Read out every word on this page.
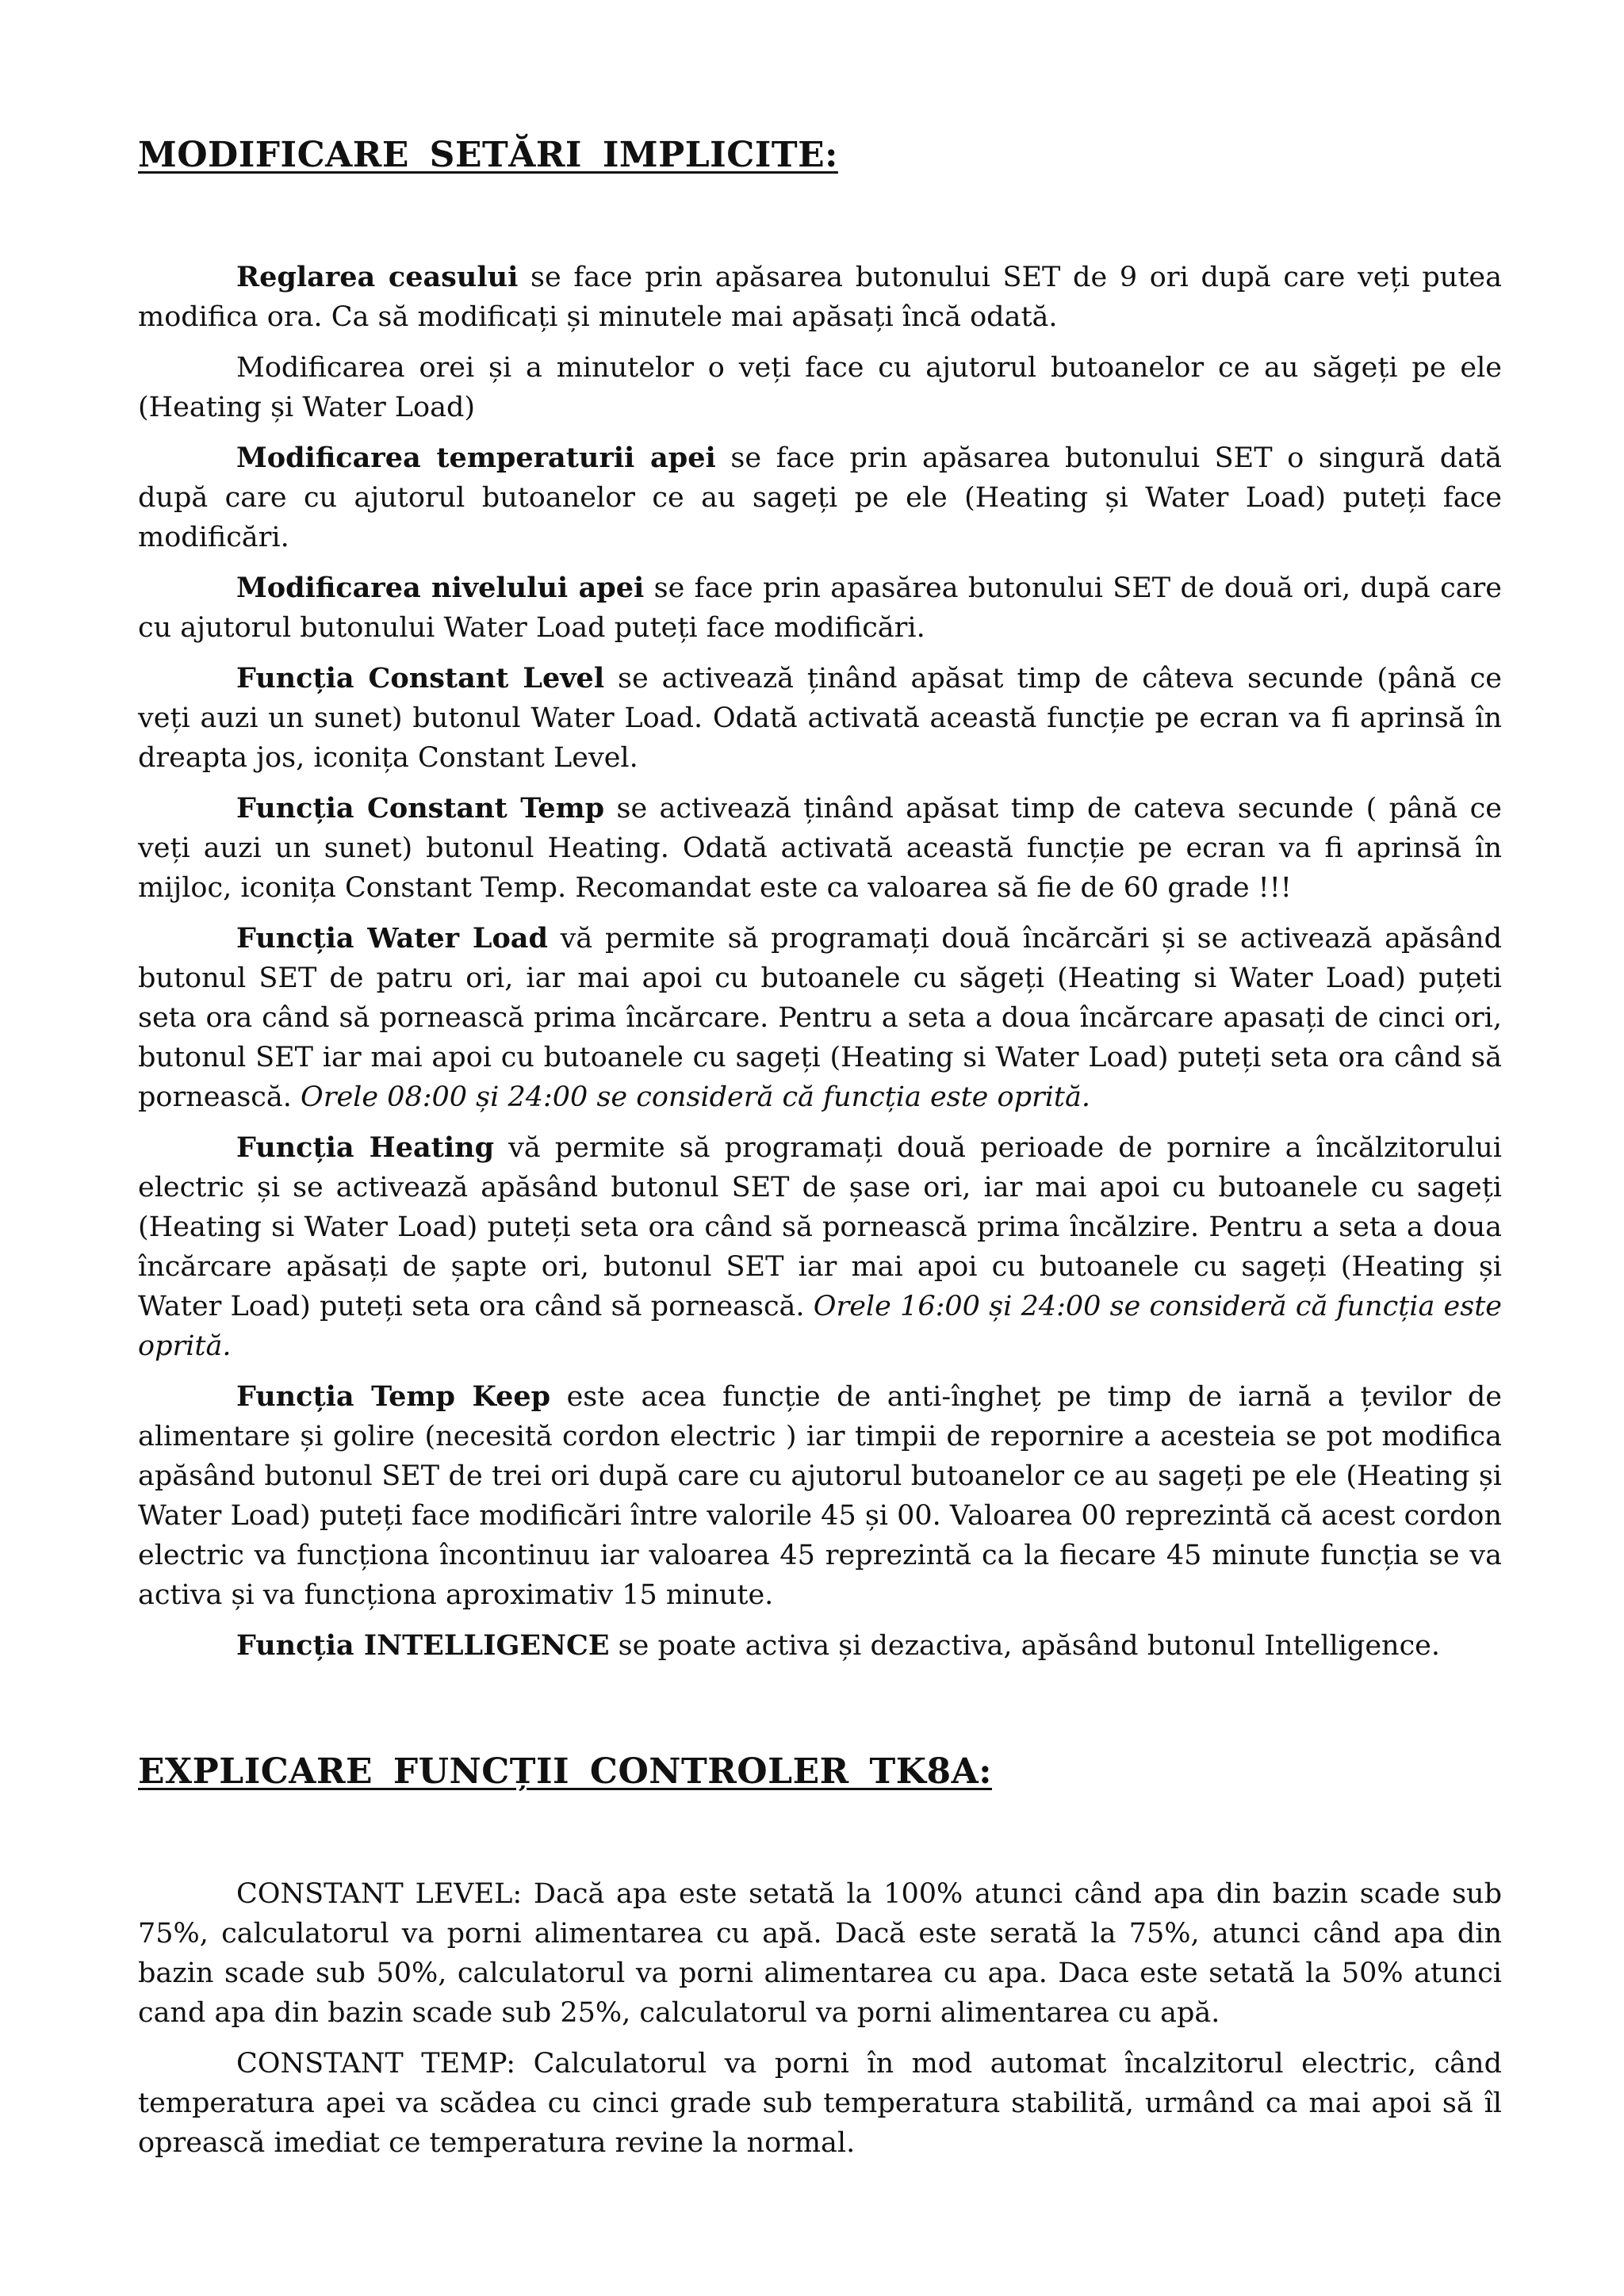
MODIFICARE SETĂRI IMPLICITE:

Reglarea ceasului se face prin apăsarea butonului SET de 9 ori după care veți putea modifica ora. Ca să modificați și minutele mai apăsați încă odată.

Modificarea orei și a minutelor o veți face cu ajutorul butoanelor ce au săgeți pe ele (Heating și Water Load)

Modificarea temperaturii apei se face prin apăsarea butonului SET o singură dată după care cu ajutorul butoanelor ce au sageți pe ele (Heating și Water Load) puteți face modificări.

Modificarea nivelului apei se face prin apasărea butonului SET de două ori, după care cu ajutorul butonului Water Load puteți face modificări.

Funcția Constant Level se activează ținând apăsat timp de câteva secunde (până ce veți auzi un sunet) butonul Water Load. Odată activată această funcție pe ecran va fi aprinsă în dreapta jos, iconița Constant Level.

Funcția Constant Temp se activează ținând apăsat timp de cateva secunde ( până ce veți auzi un sunet) butonul Heating. Odată activată această funcție pe ecran va fi aprinsă în mijloc, iconița Constant Temp. Recomandat este ca valoarea să fie de 60 grade !!!

Funcția Water Load vă permite să programați două încărcări și se activează apăsând butonul SET de patru ori, iar mai apoi cu butoanele cu săgeți (Heating si Water Load) puțeti seta ora când să pornească prima încărcare. Pentru a seta a doua încărcare apasați de cinci ori, butonul SET iar mai apoi cu butoanele cu sageți (Heating si Water Load) puteți seta ora când să pornească. Orele 08:00 și 24:00 se consideră că funcția este oprită.

Funcția Heating vă permite să programați două perioade de pornire a încălzitorului electric și se activează apăsând butonul SET de șase ori, iar mai apoi cu butoanele cu sageți (Heating si Water Load) puteți seta ora când să pornească prima încălzire. Pentru a seta a doua încărcare apăsați de șapte ori, butonul SET iar mai apoi cu butoanele cu sageți (Heating și Water Load) puteți seta ora când să pornească. Orele 16:00 și 24:00 se consideră că funcția este oprită.

Funcția Temp Keep este acea funcție de anti-îngheț pe timp de iarnă a țevilor de alimentare și golire (necesită cordon electric ) iar timpii de repornire a acesteia se pot modifica apăsând butonul SET de trei ori după care cu ajutorul butoanelor ce au sageți pe ele (Heating și Water Load) puteți face modificări între valorile 45 și 00. Valoarea 00 reprezintă că acest cordon electric va funcționa încontinuu iar valoarea 45 reprezintă ca la fiecare 45 minute funcția se va activa și va funcționa aproximativ 15 minute.

Funcția INTELLIGENCE se poate activa și dezactiva, apăsând butonul Intelligence.

EXPLICARE FUNCȚII CONTROLER TK8A:

CONSTANT LEVEL: Dacă apa este setată la 100% atunci când apa din bazin scade sub 75%, calculatorul va porni alimentarea cu apă. Dacă este serată la 75%, atunci când apa din bazin scade sub 50%, calculatorul va porni alimentarea cu apa. Daca este setată la 50% atunci cand apa din bazin scade sub 25%, calculatorul va porni alimentarea cu apă.

CONSTANT TEMP: Calculatorul va porni în mod automat încalzitorul electric, când temperatura apei va scădea cu cinci grade sub temperatura stabilită, urmând ca mai apoi să îl oprească imediat ce temperatura revine la normal.
